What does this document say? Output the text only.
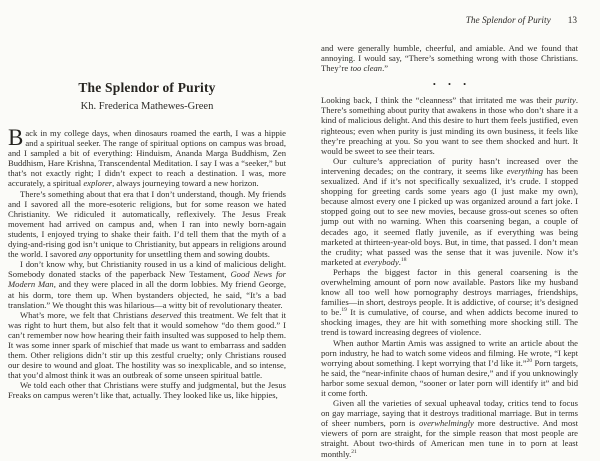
The Splendor of Purity
Kh. Frederica Mathewes-Green

Back in my college days, when dinosaurs roamed the earth, I was a hippie and a spiritual seeker. The range of spiritual options on campus was broad, and I sampled a bit of everything: Hinduism, Ananda Marga Buddhism, Zen Buddhism, Hare Krishna, Transcendental Meditation. I say I was a “seeker,” but that’s not exactly right; I didn’t expect to reach a destination. I was, more accurately, a spiritual explorer, always journeying toward a new horizon.

There’s something about that era that I don’t understand, though. My friends and I savored all the more-esoteric religions, but for some reason we hated Christianity. We ridiculed it automatically, reflexively. The Jesus Freak movement had arrived on campus and, when I ran into newly born-again students, I enjoyed trying to shake their faith. I’d tell them that the myth of a dying-and-rising god isn’t unique to Christianity, but appears in religions around the world. I savored any opportunity for unsettling them and sowing doubts.

I don’t know why, but Christianity roused in us a kind of malicious delight. Somebody donated stacks of the paperback New Testament, Good News for Modern Man, and they were placed in all the dorm lobbies. My friend George, at his dorm, tore them up. When bystanders objected, he said, “It’s a bad translation.” We thought this was hilarious—a witty bit of revolutionary theater.

What’s more, we felt that Christians deserved this treatment. We felt that it was right to hurt them, but also felt that it would somehow “do them good.” I can’t remember now how hearing their faith insulted was supposed to help them. It was some inner spark of mischief that made us want to embarrass and sadden them. Other religions didn’t stir up this zestful cruelty; only Christians roused our desire to wound and gloat. The hostility was so inexplicable, and so intense, that you’d almost think it was an outbreak of some unseen spiritual battle.

We told each other that Christians were stuffy and judgmental, but the Jesus Freaks on campus weren’t like that, actually. They looked like us, like hippies,

The Splendor of Purity 13

and were generally humble, cheerful, and amiable. And we found that annoying. I would say, “There’s something wrong with those Christians. They’re too clean.”

• • •

Looking back, I think the “cleanness” that irritated me was their purity. There’s something about purity that awakens in those who don’t share it a kind of malicious delight. And this desire to hurt them feels justified, even righteous; even when purity is just minding its own business, it feels like they’re preaching at you. So you want to see them shocked and hurt. It would be sweet to see their tears.

Our culture’s appreciation of purity hasn’t increased over the intervening decades; on the contrary, it seems like everything has been sexualized. And if it’s not specifically sexualized, it’s crude. I stopped shopping for greeting cards some years ago (I just make my own), because almost every one I picked up was organized around a fart joke. I stopped going out to see new movies, because gross-out scenes so often jump out with no warning. When this coarsening began, a couple of decades ago, it seemed flatly juvenile, as if everything was being marketed at thirteen-year-old boys. But, in time, that passed. I don’t mean the crudity; what passed was the sense that it was juvenile. Now it’s marketed at everybody.$^{18}$

Perhaps the biggest factor in this general coarsening is the overwhelming amount of porn now available. Pastors like my husband know all too well how pornography destroys marriages, friendships, families—in short, destroys people. It is addictive, of course; it’s designed to be.$^{19}$ It is cumulative, of course, and when addicts become inured to shocking images, they are hit with something more shocking still. The trend is toward increasing degrees of violence.

When author Martin Amis was assigned to write an article about the porn industry, he had to watch some videos and filming. He wrote, “I kept worrying about something. I kept worrying that I’d like it.”$^{20}$ Porn targets, he said, the “near-infinite chaos of human desire,” and if you unknowingly harbor some sexual demon, “sooner or later porn will identify it” and bid it come forth.

Given all the varieties of sexual upheaval today, critics tend to focus on gay marriage, saying that it destroys traditional marriage. But in terms of sheer numbers, porn is overwhelmingly more destructive. And most viewers of porn are straight, for the simple reason that most people are straight. About two-thirds of American men tune in to porn at least monthly.$^{21}$
